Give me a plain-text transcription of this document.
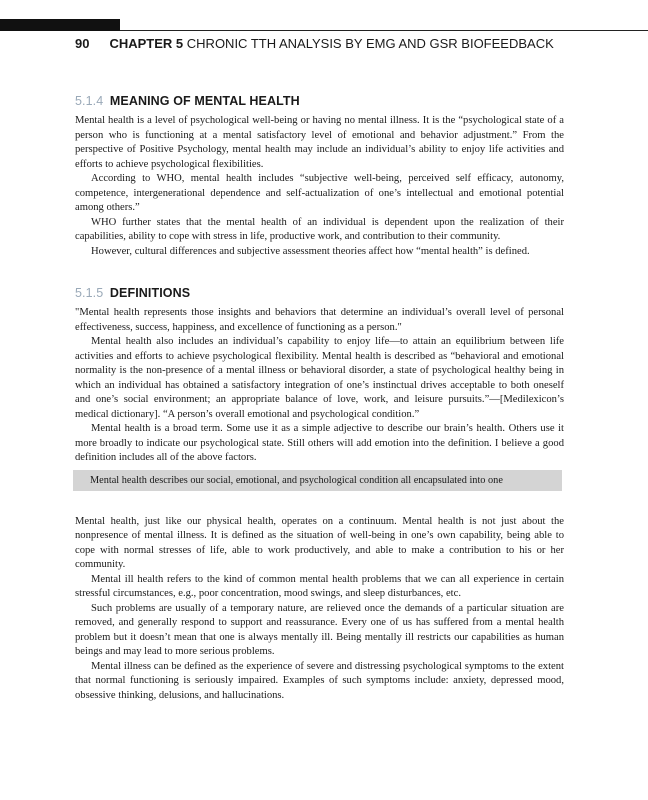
90 CHAPTER 5 CHRONIC TTH ANALYSIS BY EMG AND GSR BIOFEEDBACK
5.1.4 MEANING OF MENTAL HEALTH

Mental health is a level of psychological well-being or having no mental illness. It is the “psychological state of a person who is functioning at a mental satisfactory level of emotional and behavior adjustment.” From the perspective of Positive Psychology, mental health may include an individual’s ability to enjoy life activities and efforts to achieve psychological flexibilities.

According to WHO, mental health includes “subjective well-being, perceived self efficacy, autonomy, competence, intergenerational dependence and self-actualization of one’s intellectual and emotional potential among others.”

WHO further states that the mental health of an individual is dependent upon the realization of their capabilities, ability to cope with stress in life, productive work, and contribution to their community.

However, cultural differences and subjective assessment theories affect how “mental health” is defined.

5.1.5 DEFINITIONS

"Mental health represents those insights and behaviors that determine an individual’s overall level of personal effectiveness, success, happiness, and excellence of functioning as a person."

Mental health also includes an individual’s capability to enjoy life—to attain an equilibrium between life activities and efforts to achieve psychological flexibility. Mental health is described as “behavioral and emotional normality is the non-presence of a mental illness or behavioral disorder, a state of psychological healthy being in which an individual has obtained a satisfactory integration of one’s instinctual drives acceptable to both oneself and one’s social environment; an appropriate balance of love, work, and leisure pursuits.”—[Medilexicon’s medical dictionary]. “A person’s overall emotional and psychological condition.”

Mental health is a broad term. Some use it as a simple adjective to describe our brain’s health. Others use it more broadly to indicate our psychological state. Still others will add emotion into the definition. I believe a good definition includes all of the above factors.

Mental health describes our social, emotional, and psychological condition all encapsulated into one

Mental health, just like our physical health, operates on a continuum. Mental health is not just about the nonpresence of mental illness. It is defined as the situation of well-being in one’s own capability, being able to cope with normal stresses of life, able to work productively, and able to make a contribution to his or her community.

Mental ill health refers to the kind of common mental health problems that we can all experience in certain stressful circumstances, e.g., poor concentration, mood swings, and sleep disturbances, etc.

Such problems are usually of a temporary nature, are relieved once the demands of a particular situation are removed, and generally respond to support and reassurance. Every one of us has suffered from a mental health problem but it doesn’t mean that one is always mentally ill. Being mentally ill restricts our capabilities as human beings and may lead to more serious problems.

Mental illness can be defined as the experience of severe and distressing psychological symptoms to the extent that normal functioning is seriously impaired. Examples of such symptoms include: anxiety, depressed mood, obsessive thinking, delusions, and hallucinations.
